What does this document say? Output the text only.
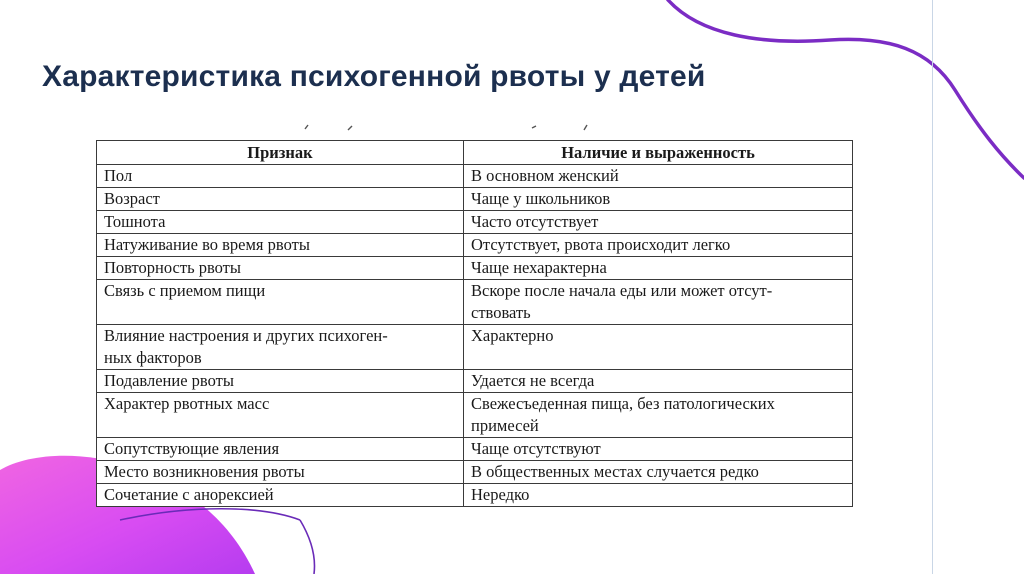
Характеристика психогенной рвоты у детей
Признак	Наличие и выраженность
Пол	В основном женский
Возраст	Чаще у школьников
Тошнота	Часто отсутствует
Натуживание во время рвоты	Отсутствует, рвота происходит легко
Повторность рвоты	Чаще нехарактерна
Связь с приемом пищи	Вскоре после начала еды или может отсут-
ствовать
Влияние настроения и других психоген-
ных факторов	Характерно
Подавление рвоты	Удается не всегда
Характер рвотных масс	Свежесъеденная пища, без патологических
примесей
Сопутствующие явления	Чаще отсутствуют
Место возникновения рвоты	В общественных местах случается редко
Сочетание с анорексией	Нередко
